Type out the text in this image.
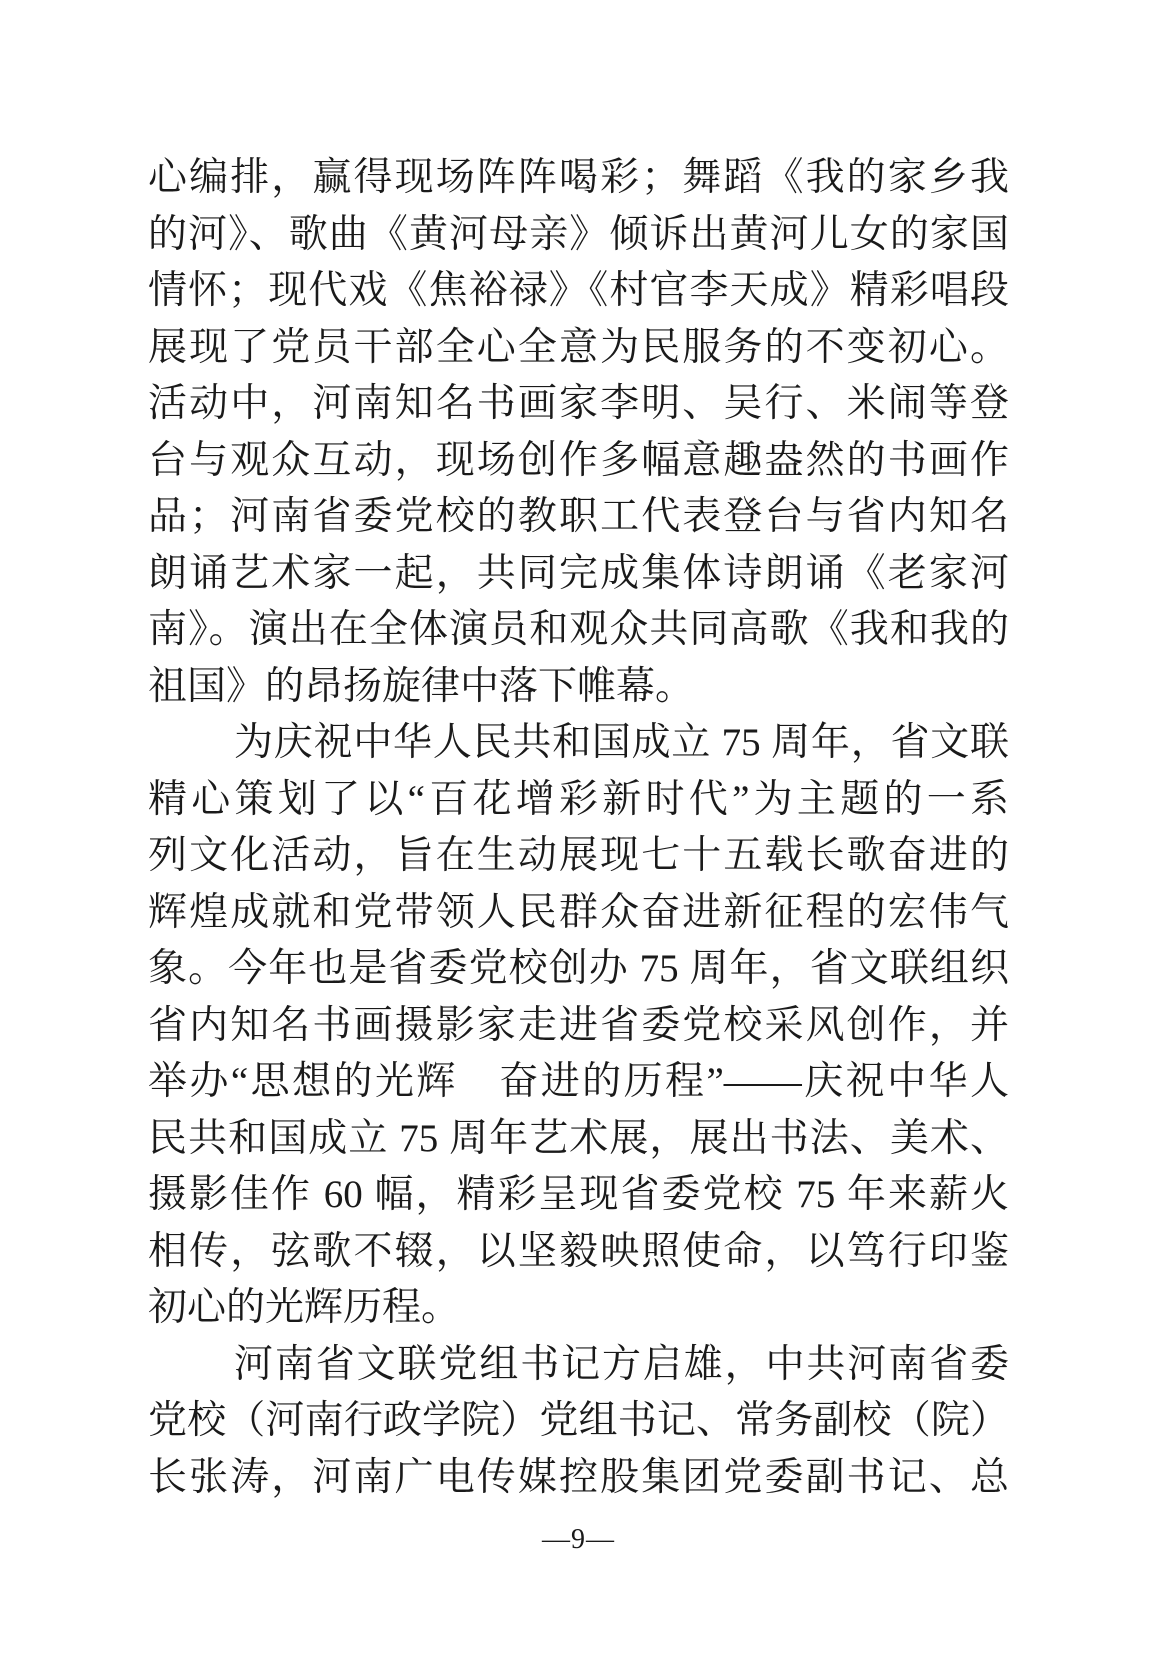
心编排，赢得现场阵阵喝彩；舞蹈《我的家乡我
的河》、歌曲《黄河母亲》倾诉出黄河儿女的家国
情怀；现代戏《焦裕禄》《村官李天成》精彩唱段
展现了党员干部全心全意为民服务的不变初心。
活动中，河南知名书画家李明、吴行、米闹等登
台与观众互动，现场创作多幅意趣盎然的书画作
品；河南省委党校的教职工代表登台与省内知名
朗诵艺术家一起，共同完成集体诗朗诵《老家河
南》。演出在全体演员和观众共同高歌《我和我的
祖国》的昂扬旋律中落下帷幕。
为庆祝中华人民共和国成立 75 周年，省文联
精心策划了以“百花增彩新时代”为主题的一系
列文化活动，旨在生动展现七十五载长歌奋进的
辉煌成就和党带领人民群众奋进新征程的宏伟气
象。今年也是省委党校创办 75 周年，省文联组织
省内知名书画摄影家走进省委党校采风创作，并
举办“思想的光辉　奋进的历程”——庆祝中华人
民共和国成立 75 周年艺术展，展出书法、美术、
摄影佳作 60 幅，精彩呈现省委党校 75 年来薪火
相传，弦歌不辍，以坚毅映照使命，以笃行印鉴
初心的光辉历程。
河南省文联党组书记方启雄，中共河南省委
党校（河南行政学院）党组书记、常务副校（院）
长张涛，河南广电传媒控股集团党委副书记、总
—9—
